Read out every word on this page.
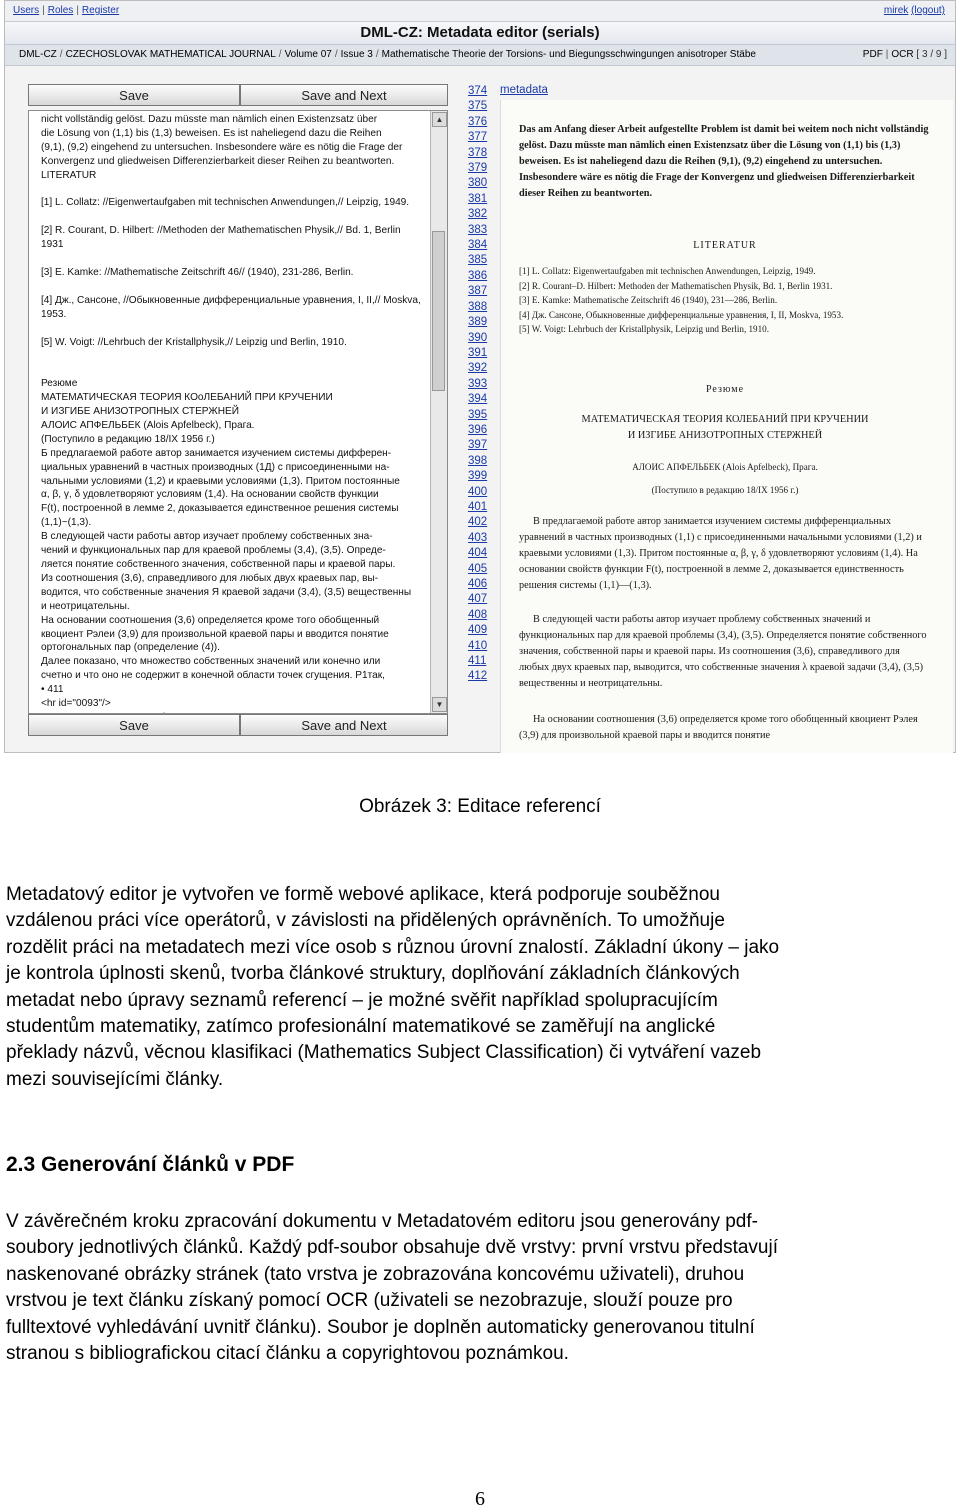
Users | Roles | Register	mirek (logout)
DML-CZ: Metadata editor (serials)
DML-CZ / CZECHOSLOVAK MATHEMATICAL JOURNAL / Volume 07 / Issue 3 / Mathematische Theorie der Torsions- und Biegungsschwingungen anisotroper Stäbe	PDF | OCR [ 3 / 9 ]
Save	Save and Next
nicht vollständig gelöst. Dazu müsste man nämlich einen Existenzsatz über
die Lösung von (1,1) bis (1,3) beweisen. Es ist naheliegend dazu die Reihen
(9,1), (9,2) eingehend zu untersuchen. Insbesondere wäre es nötig die Frage der
Konvergenz und gliedweisen Differenzierbarkeit dieser Reihen zu beantworten.
LITERATUR

[1] L. Collatz: //Eigenwertaufgaben mit technischen Anwendungen,// Leipzig, 1949.

[2] R. Courant, D. Hilbert: //Methoden der Mathematischen Physik,// Bd. 1, Berlin 1931

[3] E. Kamke: //Mathematische Zeitschrift 46// (1940), 231-286, Berlin.

[4] Дж., Сансоне, //Обыкновенные дифференциальные уравнения, I, II,// Moskva,
1953.

[5] W. Voigt: //Lehrbuch der Kristallphysik,// Leipzig und Berlin, 1910.

Резюме
МАТЕМАТИЧЕСКАЯ ТЕОРИЯ КОоЛЕБАНИЙ ПРИ КРУЧЕНИИ
И ИЗГИБЕ АНИЗОТРОПНЫХ СТЕРЖНЕЙ
АЛОИС АПФЕЛЬБЕК (Alois Apfelbeck), Прага.
(Поступило в редакцию 18/IX 1956 г.)
Б предлагаемой работе автор занимается изучением системы дифферен-
циальных уравнений в частных производных (1Д) с присоединенными на-
чальными условиями (1,2) и краевыми условиями (1,3). Притом постоянные
α, β, γ, δ удовлетворяют условиям (1,4). На основании свойств функции
F(t), построенной в лемме 2, доказывается единственное решения системы
(1,1)~(1,3).
В следующей части работы автор изучает проблему собственных зна-
чений и функциональных пар для краевой проблемы (3,4), (3,5). Опреде-
ляется понятие собственного значения, собственной пары и краевой пары.
Из соотношения (3,6), справедливого для любых двух краевых пар, вы-
водится, что собственные значения Я краевой задачи (3,4), (3,5) вещественны
и неотрицательны.
На основании соотношения (3,6) определяется кроме того обобщенный
квоциент Рэлеи (3,9) для произвольной краевой пары и вводится понятие
ортогональных пар (определение (4)).
Далее показано, что множество собственных значений или конечно или
счетно и что оно не содержит в конечной области точек сгущения. Р1так,
• 411
<hr id="0093"/>

▲
▼
Save	Save and Next
374
375
376
377
378
379
380
381
382
383
384
385
386
387
388
389
390
391
392
393
394
395
396
397
398
399
400
401
402
403
404
405
406
407
408
409
410
411
412
metadata
Das am Anfang dieser Arbeit aufgestellte Problem ist damit bei weitem noch nicht vollständig gelöst. Dazu müsste man nämlich einen Existenzsatz über die Lösung von (1,1) bis (1,3) beweisen. Es ist naheliegend dazu die Reihen (9,1), (9,2) eingehend zu untersuchen. Insbesondere wäre es nötig die Frage der Konvergenz und gliedweisen Differenzierbarkeit dieser Reihen zu beantworten.
LITERATUR
[1] L. Collatz: Eigenwertaufgaben mit technischen Anwendungen, Leipzig, 1949.
[2] R. Courant–D. Hilbert: Methoden der Mathematischen Physik, Bd. 1, Berlin 1931.
[3] E. Kamke: Mathematische Zeitschrift 46 (1940), 231—286, Berlin.
[4] Дж. Сансоне, Обыкновенные дифференциальные уравнения, I, II, Moskva, 1953.
[5] W. Voigt: Lehrbuch der Kristallphysik, Leipzig und Berlin, 1910.
Резюме
МАТЕМАТИЧЕСКАЯ ТЕОРИЯ КОЛЕБАНИЙ ПРИ КРУЧЕНИИ
И ИЗГИБЕ АНИЗОТРОПНЫХ СТЕРЖНЕЙ
АЛОИС АПФЕЛЬБЕК (Alois Apfelbeck), Прага.
(Поступило в редакцию 18/IX 1956 г.)
В предлагаемой работе автор занимается изучением системы дифференциальных уравнений в частных производных (1,1) с присоединенными начальными условиями (1,2) и краевыми условиями (1,3). Притом постоянные α, β, γ, δ удовлетворяют условиям (1,4). На основании свойств функции F(t), построенной в лемме 2, доказывается единственность решения системы (1,1)—(1,3).
В следующей части работы автор изучает проблему собственных значений и функциональных пар для краевой проблемы (3,4), (3,5). Определяется понятие собственного значения, собственной пары и краевой пары. Из соотношения (3,6), справедливого для любых двух краевых пар, выводится, что собственные значения λ краевой задачи (3,4), (3,5) вещественны и неотрицательны.
На основании соотношения (3,6) определяется кроме того обобщенный квоциент Рэлея (3,9) для произвольной краевой пары и вводится понятие
Obrázek 3: Editace referencí
Metadatový editor je vytvořen ve formě webové aplikace, která podporuje souběžnou
vzdálenou práci více operátorů, v závislosti na přidělených oprávněních. To umožňuje
rozdělit práci na metadatech mezi více osob s různou úrovní znalostí. Základní úkony – jako
je kontrola úplnosti skenů, tvorba článkové struktury, doplňování základních článkových
metadat nebo úpravy seznamů referencí – je možné svěřit například spolupracujícím
studentům matematiky, zatímco profesionální matematikové se zaměřují na anglické
překlady názvů, věcnou klasifikaci (Mathematics Subject Classification) či vytváření vazeb
mezi souvisejícími články.
2.3 Generování článků v PDF
V závěrečném kroku zpracování dokumentu v Metadatovém editoru jsou generovány pdf-
soubory jednotlivých článků. Každý pdf-soubor obsahuje dvě vrstvy: první vrstvu představují
naskenované obrázky stránek (tato vrstva je zobrazována koncovému uživateli), druhou
vrstvou je text článku získaný pomocí OCR (uživateli se nezobrazuje, slouží pouze pro
fulltextové vyhledávání uvnitř článku). Soubor je doplněn automaticky generovanou titulní
stranou s bibliografickou citací článku a copyrightovou poznámkou.
6
